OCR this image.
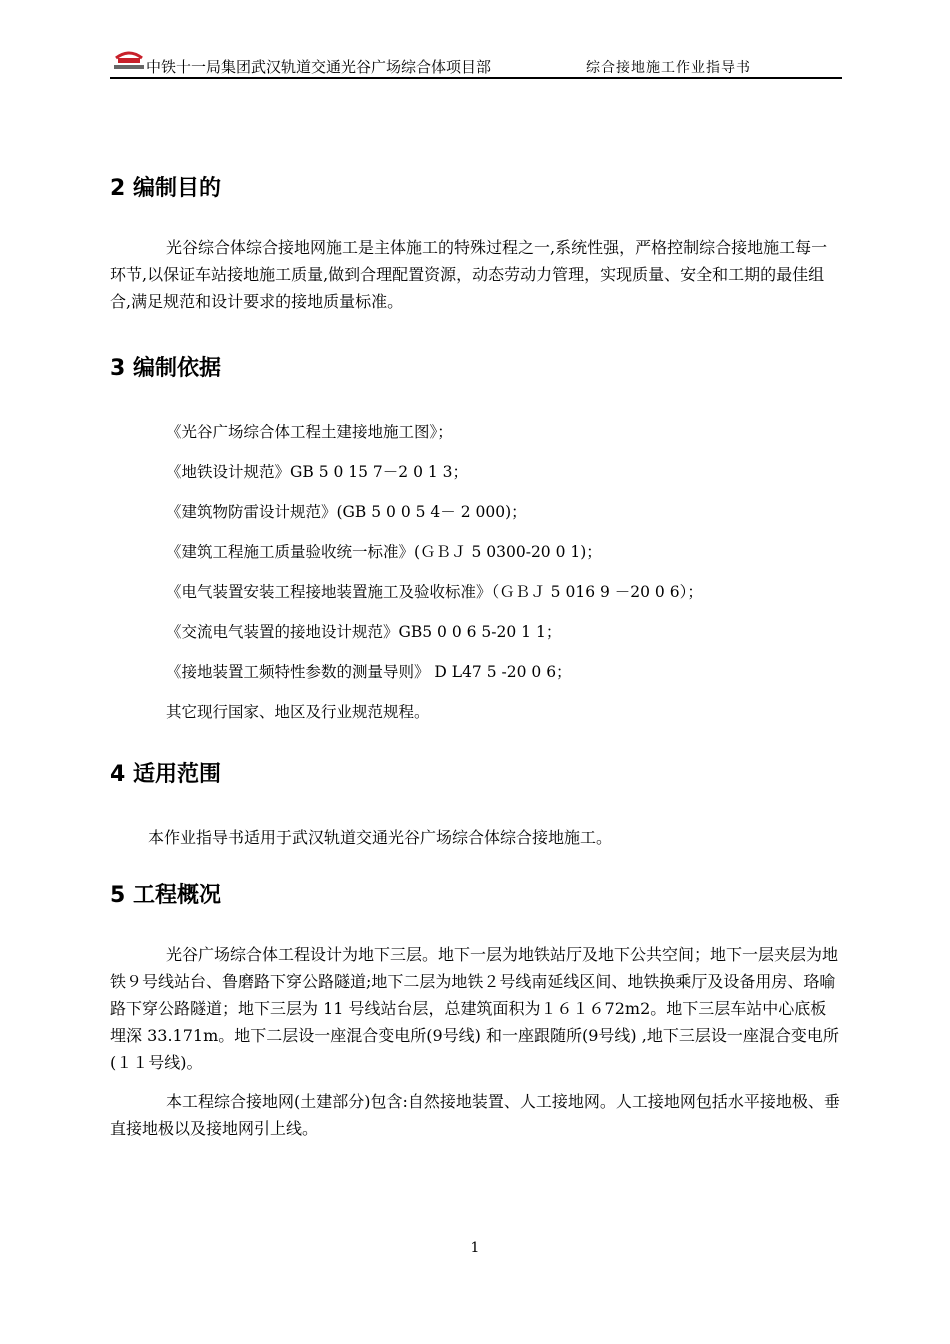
中铁十一局集团武汉轨道交通光谷广场综合体项目部	综合接地施工作业指导书
2 编制目的

光谷综合体综合接地网施工是主体施工的特殊过程之一,系统性强，严格控制综合接地施工每一环节,以保证车站接地施工质量,做到合理配置资源，动态劳动力管理，实现质量、安全和工期的最佳组合,满足规范和设计要求的接地质量标准。

3 编制依据

《光谷广场综合体工程土建接地施工图》；

《地铁设计规范》GB 5 0 15 7－2 0 1 3；

《建筑物防雷设计规范》(GB 5 0 0 5 4－ 2 000)；

《建筑工程施工质量验收统一标准》(ＧＢＪ 5 0300-20 0 1)；

《电气装置安装工程接地装置施工及验收标准》（ＧＢＪ 5 016 9 －20 0 6）；

《交流电气装置的接地设计规范》GB5 0 0 6 5-20 1 1；

《接地装置工频特性参数的测量导则》 D L47 5 -20 0 6；

其它现行国家、地区及行业规范规程。

4 适用范围

本作业指导书适用于武汉轨道交通光谷广场综合体综合接地施工。

5 工程概况

光谷广场综合体工程设计为地下三层。地下一层为地铁站厅及地下公共空间；地下一层夹层为地铁９号线站台、鲁磨路下穿公路隧道;地下二层为地铁２号线南延线区间、地铁换乘厅及设备用房、珞喻路下穿公路隧道；地下三层为 11 号线站台层，总建筑面积为１６１６72m2。地下三层车站中心底板埋深 33.171m。地下二层设一座混合变电所(9号线) 和一座跟随所(9号线) ,地下三层设一座混合变电所 (１１号线)。

本工程综合接地网(土建部分)包含:自然接地装置、人工接地网。人工接地网包括水平接地极、垂直接地极以及接地网引上线。

1
